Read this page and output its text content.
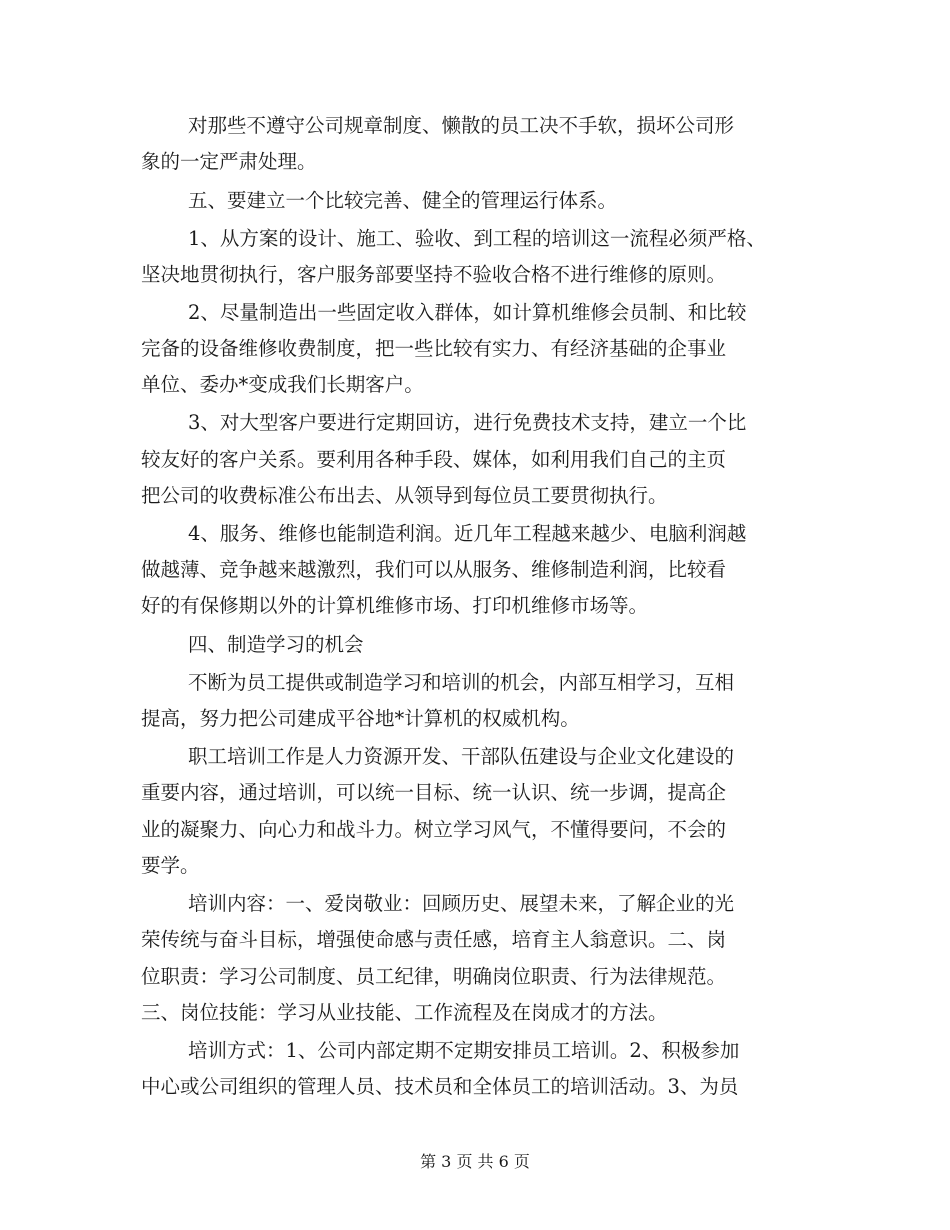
对那些不遵守公司规章制度、懒散的员工决不手软，损坏公司形
象的一定严肃处理。
五、要建立一个比较完善、健全的管理运行体系。
1、从方案的设计、施工、验收、到工程的培训这一流程必须严格、
坚决地贯彻执行，客户服务部要坚持不验收合格不进行维修的原则。
2、尽量制造出一些固定收入群体，如计算机维修会员制、和比较
完备的设备维修收费制度，把一些比较有实力、有经济基础的企事业
单位、委办*变成我们长期客户。
3、对大型客户要进行定期回访，进行免费技术支持，建立一个比
较友好的客户关系。要利用各种手段、媒体，如利用我们自己的主页
把公司的收费标准公布出去、从领导到每位员工要贯彻执行。
4、服务、维修也能制造利润。近几年工程越来越少、电脑利润越
做越薄、竞争越来越激烈，我们可以从服务、维修制造利润，比较看
好的有保修期以外的计算机维修市场、打印机维修市场等。
四、制造学习的机会
不断为员工提供或制造学习和培训的机会，内部互相学习，互相
提高，努力把公司建成平谷地*计算机的权威机构。
职工培训工作是人力资源开发、干部队伍建设与企业文化建设的
重要内容，通过培训，可以统一目标、统一认识、统一步调，提高企
业的凝聚力、向心力和战斗力。树立学习风气，不懂得要问，不会的
要学。
培训内容：一、爱岗敬业：回顾历史、展望未来，了解企业的光
荣传统与奋斗目标，增强使命感与责任感，培育主人翁意识。二、岗
位职责：学习公司制度、员工纪律，明确岗位职责、行为法律规范。
三、岗位技能：学习从业技能、工作流程及在岗成才的方法。
培训方式：1、公司内部定期不定期安排员工培训。2、积极参加
中心或公司组织的管理人员、技术员和全体员工的培训活动。3、为员
第 3 页 共 6 页
